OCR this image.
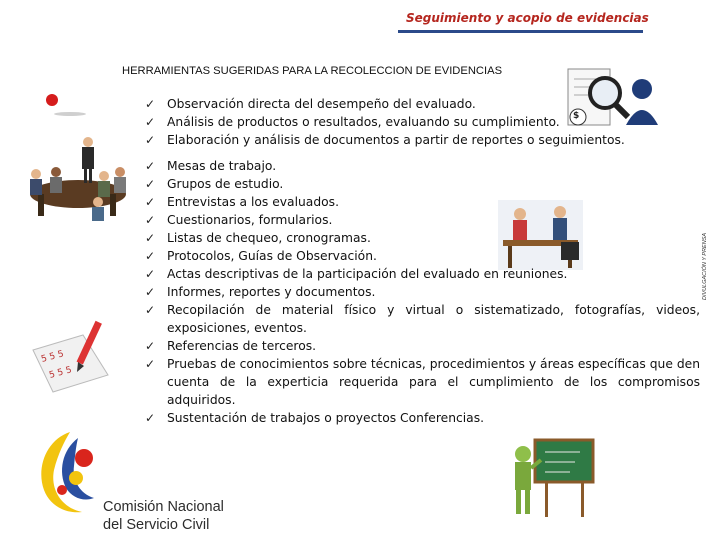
Seguimiento y acopio de evidencias
HERRAMIENTAS SUGERIDAS PARA LA RECOLECCION DE EVIDENCIAS
DIVULGACIÓN Y PRENSA
5 5 5
5 5 5
$
Comisión Nacional
del Servicio Civil
✓ Observación directa del desempeño del evaluado.
✓ Análisis de productos o resultados, evaluando su cumplimiento.
✓ Elaboración y análisis de documentos a partir de reportes o seguimientos.
✓ Mesas de trabajo.
✓ Grupos de estudio.
✓ Entrevistas a los evaluados.
✓ Cuestionarios, formularios.
✓ Listas de chequeo, cronogramas.
✓ Protocolos, Guías de Observación.
✓ Actas descriptivas de la participación del evaluado en reuniones.
✓ Informes, reportes y documentos.
✓ Recopilación de material físico y virtual o sistematizado, fotografías, videos, exposiciones, eventos.
✓ Referencias de terceros.
✓ Pruebas de conocimientos sobre técnicas, procedimientos y áreas específicas que den cuenta de la experticia requerida para el cumplimiento de los compromisos adquiridos.
✓ Sustentación de trabajos o proyectos Conferencias.
